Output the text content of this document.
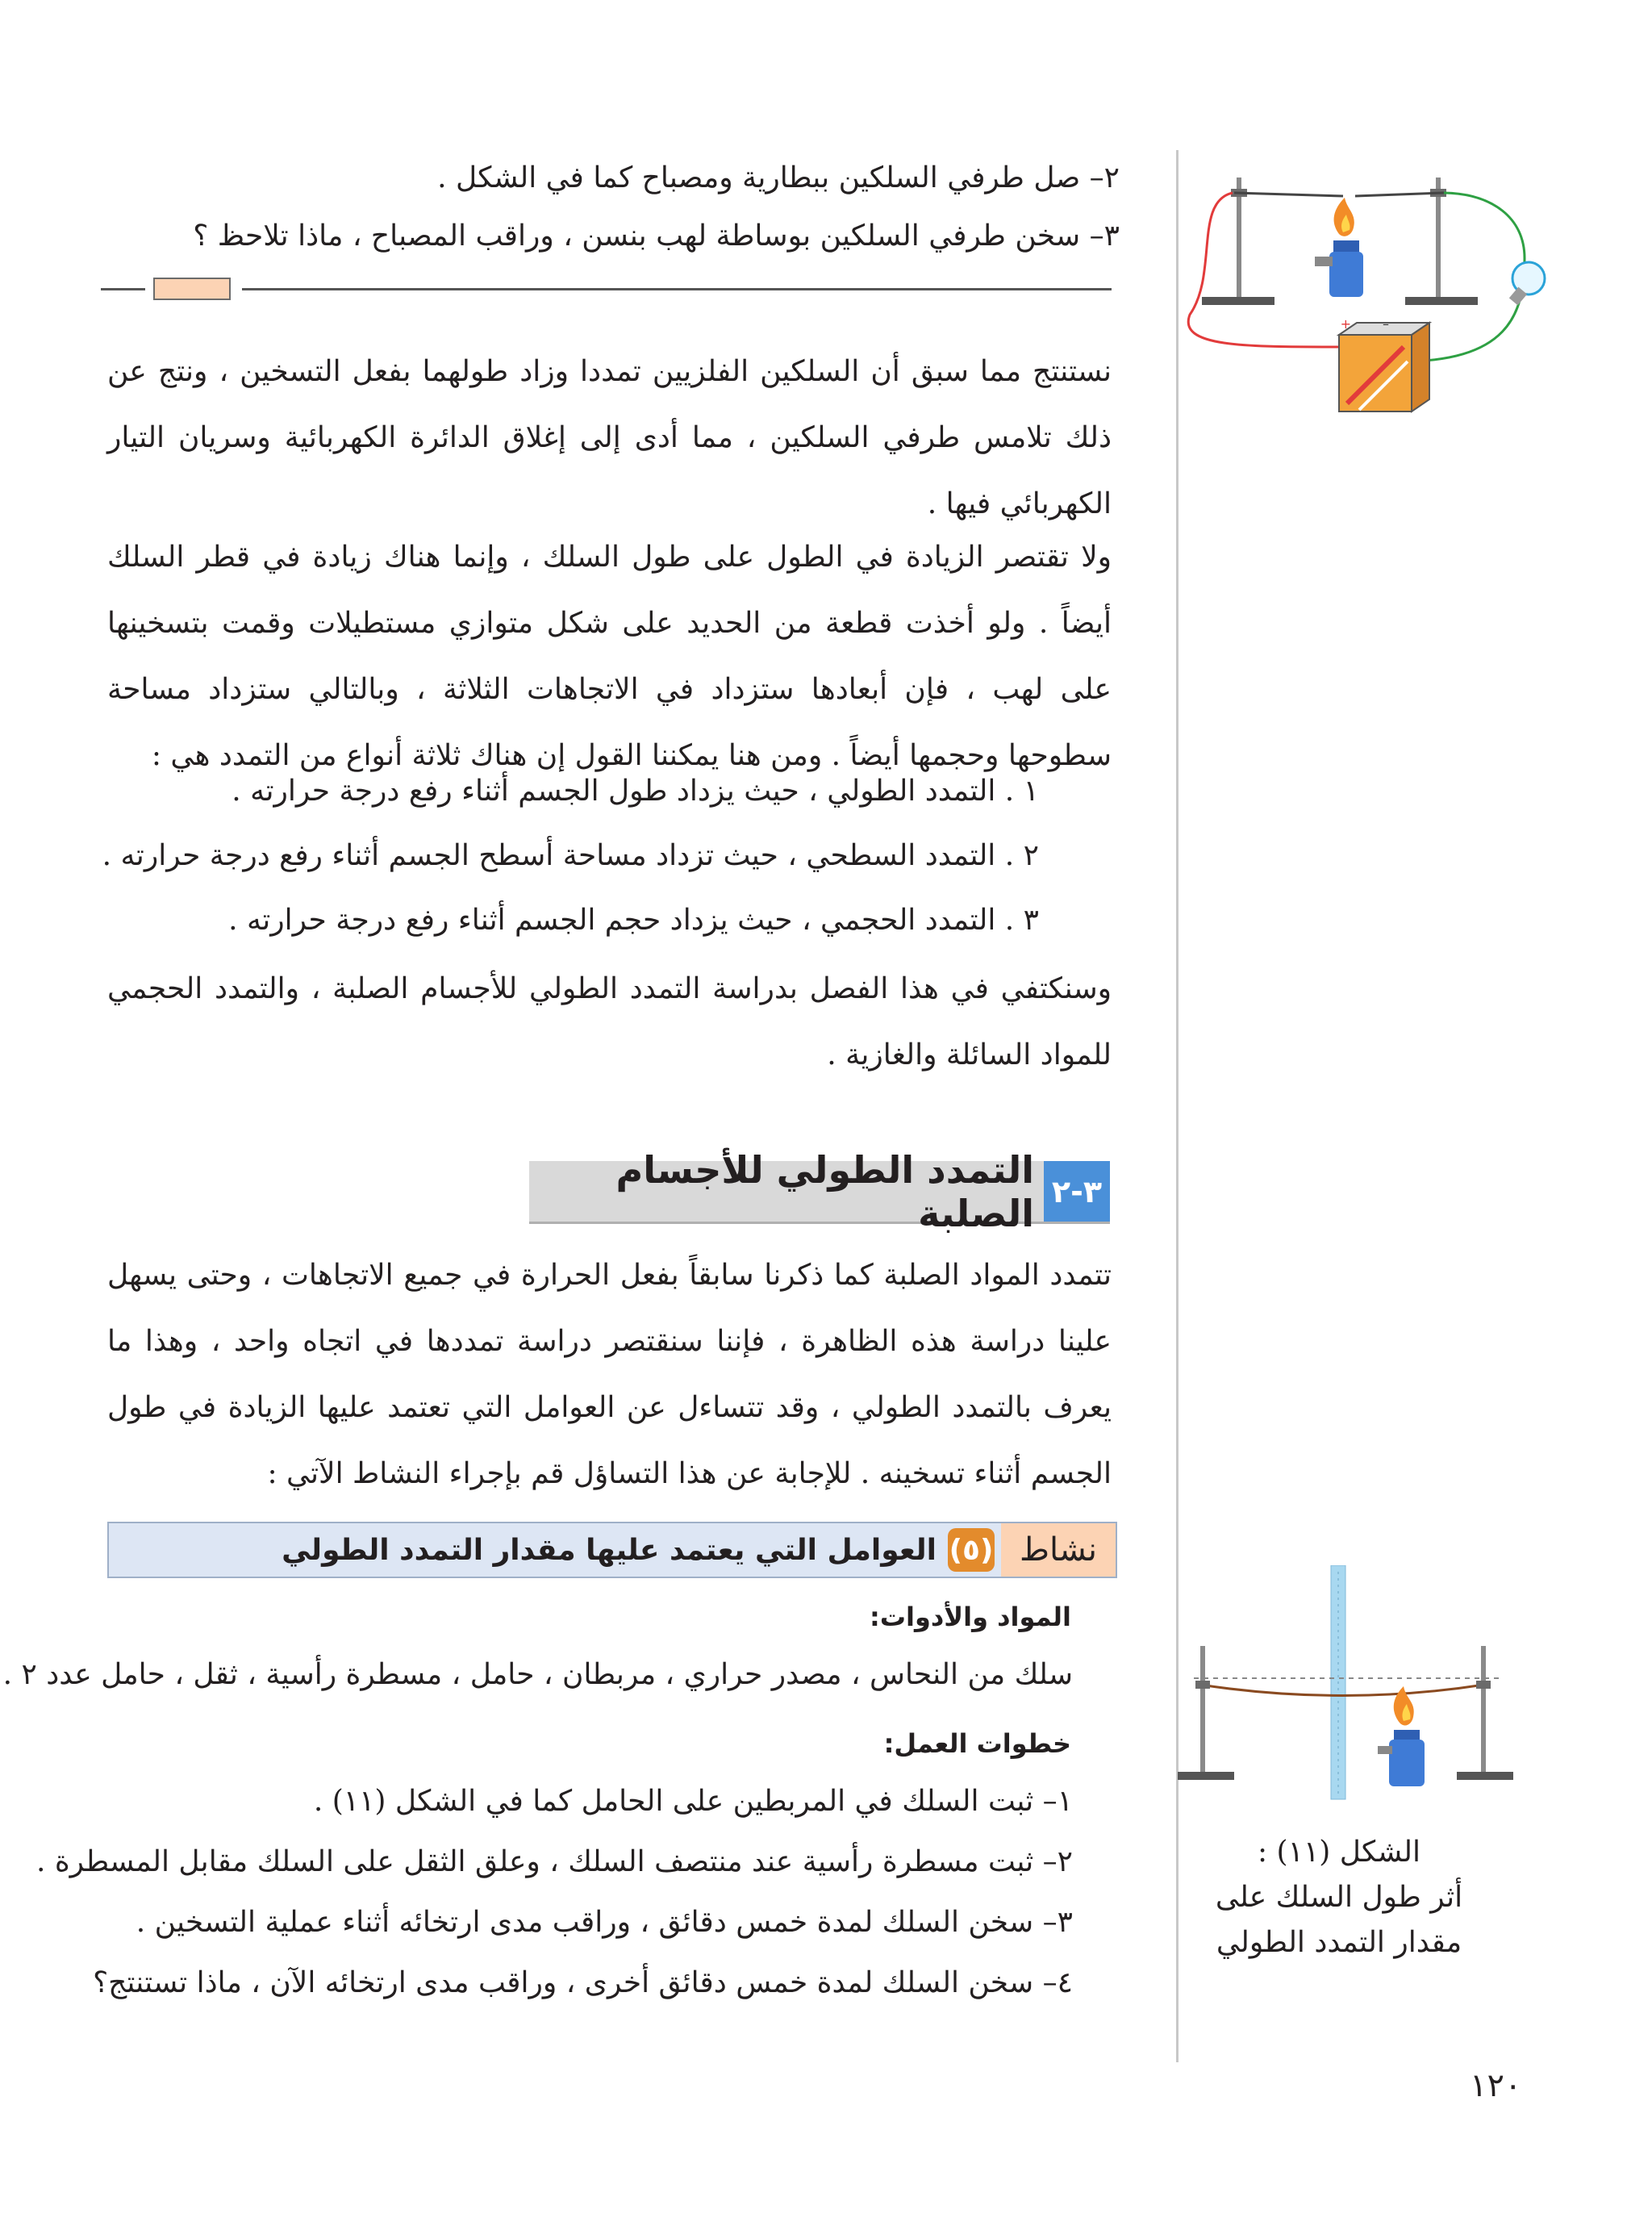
٢– صل طرفي السلكين ببطارية ومصباح كما في الشكل .
٣– سخن طرفي السلكين بوساطة لهب بنسن ، وراقب المصباح ، ماذا تلاحظ ؟
نستنتج مما سبق أن السلكين الفلزيين تمددا وزاد طولهما بفعل التسخين ، ونتج عن ذلك تلامس طرفي السلكين ، مما أدى إلى إغلاق الدائرة الكهربائية وسريان التيار الكهربائي فيها .
ولا تقتصر الزيادة في الطول على طول السلك ، وإنما هناك زيادة في قطر السلك أيضاً . ولو أخذت قطعة من الحديد على شكل متوازي مستطيلات وقمت بتسخينها على لهب ، فإن أبعادها ستزداد في الاتجاهات الثلاثة ، وبالتالي ستزداد مساحة سطوحها وحجمها أيضاً . ومن هنا يمكننا القول إن هناك ثلاثة أنواع من التمدد هي :
١ . التمدد الطولي ، حيث يزداد طول الجسم أثناء رفع درجة حرارته .
٢ . التمدد السطحي ، حيث تزداد مساحة أسطح الجسم أثناء رفع درجة حرارته .
٣ . التمدد الحجمي ، حيث يزداد حجم الجسم أثناء رفع درجة حرارته .
وسنكتفي في هذا الفصل بدراسة التمدد الطولي للأجسام الصلبة ، والتمدد الحجمي للمواد السائلة والغازية .
٣-٢
التمدد الطولي للأجسام الصلبة
تتمدد المواد الصلبة كما ذكرنا سابقاً بفعل الحرارة في جميع الاتجاهات ، وحتى يسهل علينا دراسة هذه الظاهرة ، فإننا سنقتصر دراسة تمددها في اتجاه واحد ، وهذا ما يعرف بالتمدد الطولي ، وقد تتساءل عن العوامل التي تعتمد عليها الزيادة في طول الجسم أثناء تسخينه . للإجابة عن هذا التساؤل قم بإجراء النشاط الآتي :
نشاط
(٥)
العوامل التي يعتمد عليها مقدار التمدد الطولي
المواد والأدوات:
سلك من النحاس ، مصدر حراري ، مربطان ، حامل ، مسطرة رأسية ، ثقل ، حامل عدد ٢ .
خطوات العمل:
١– ثبت السلك في المربطين على الحامل كما في الشكل (١١) .
٢– ثبت مسطرة رأسية عند منتصف السلك ، وعلق الثقل على السلك مقابل المسطرة .
٣– سخن السلك لمدة خمس دقائق ، وراقب مدى ارتخائه أثناء عملية التسخين .
٤– سخن السلك لمدة خمس دقائق أخرى ، وراقب مدى ارتخائه الآن ، ماذا تستنتج؟
+ –
الشكل (١١) :
أثر طول السلك على
مقدار التمدد الطولي
١٢٠
